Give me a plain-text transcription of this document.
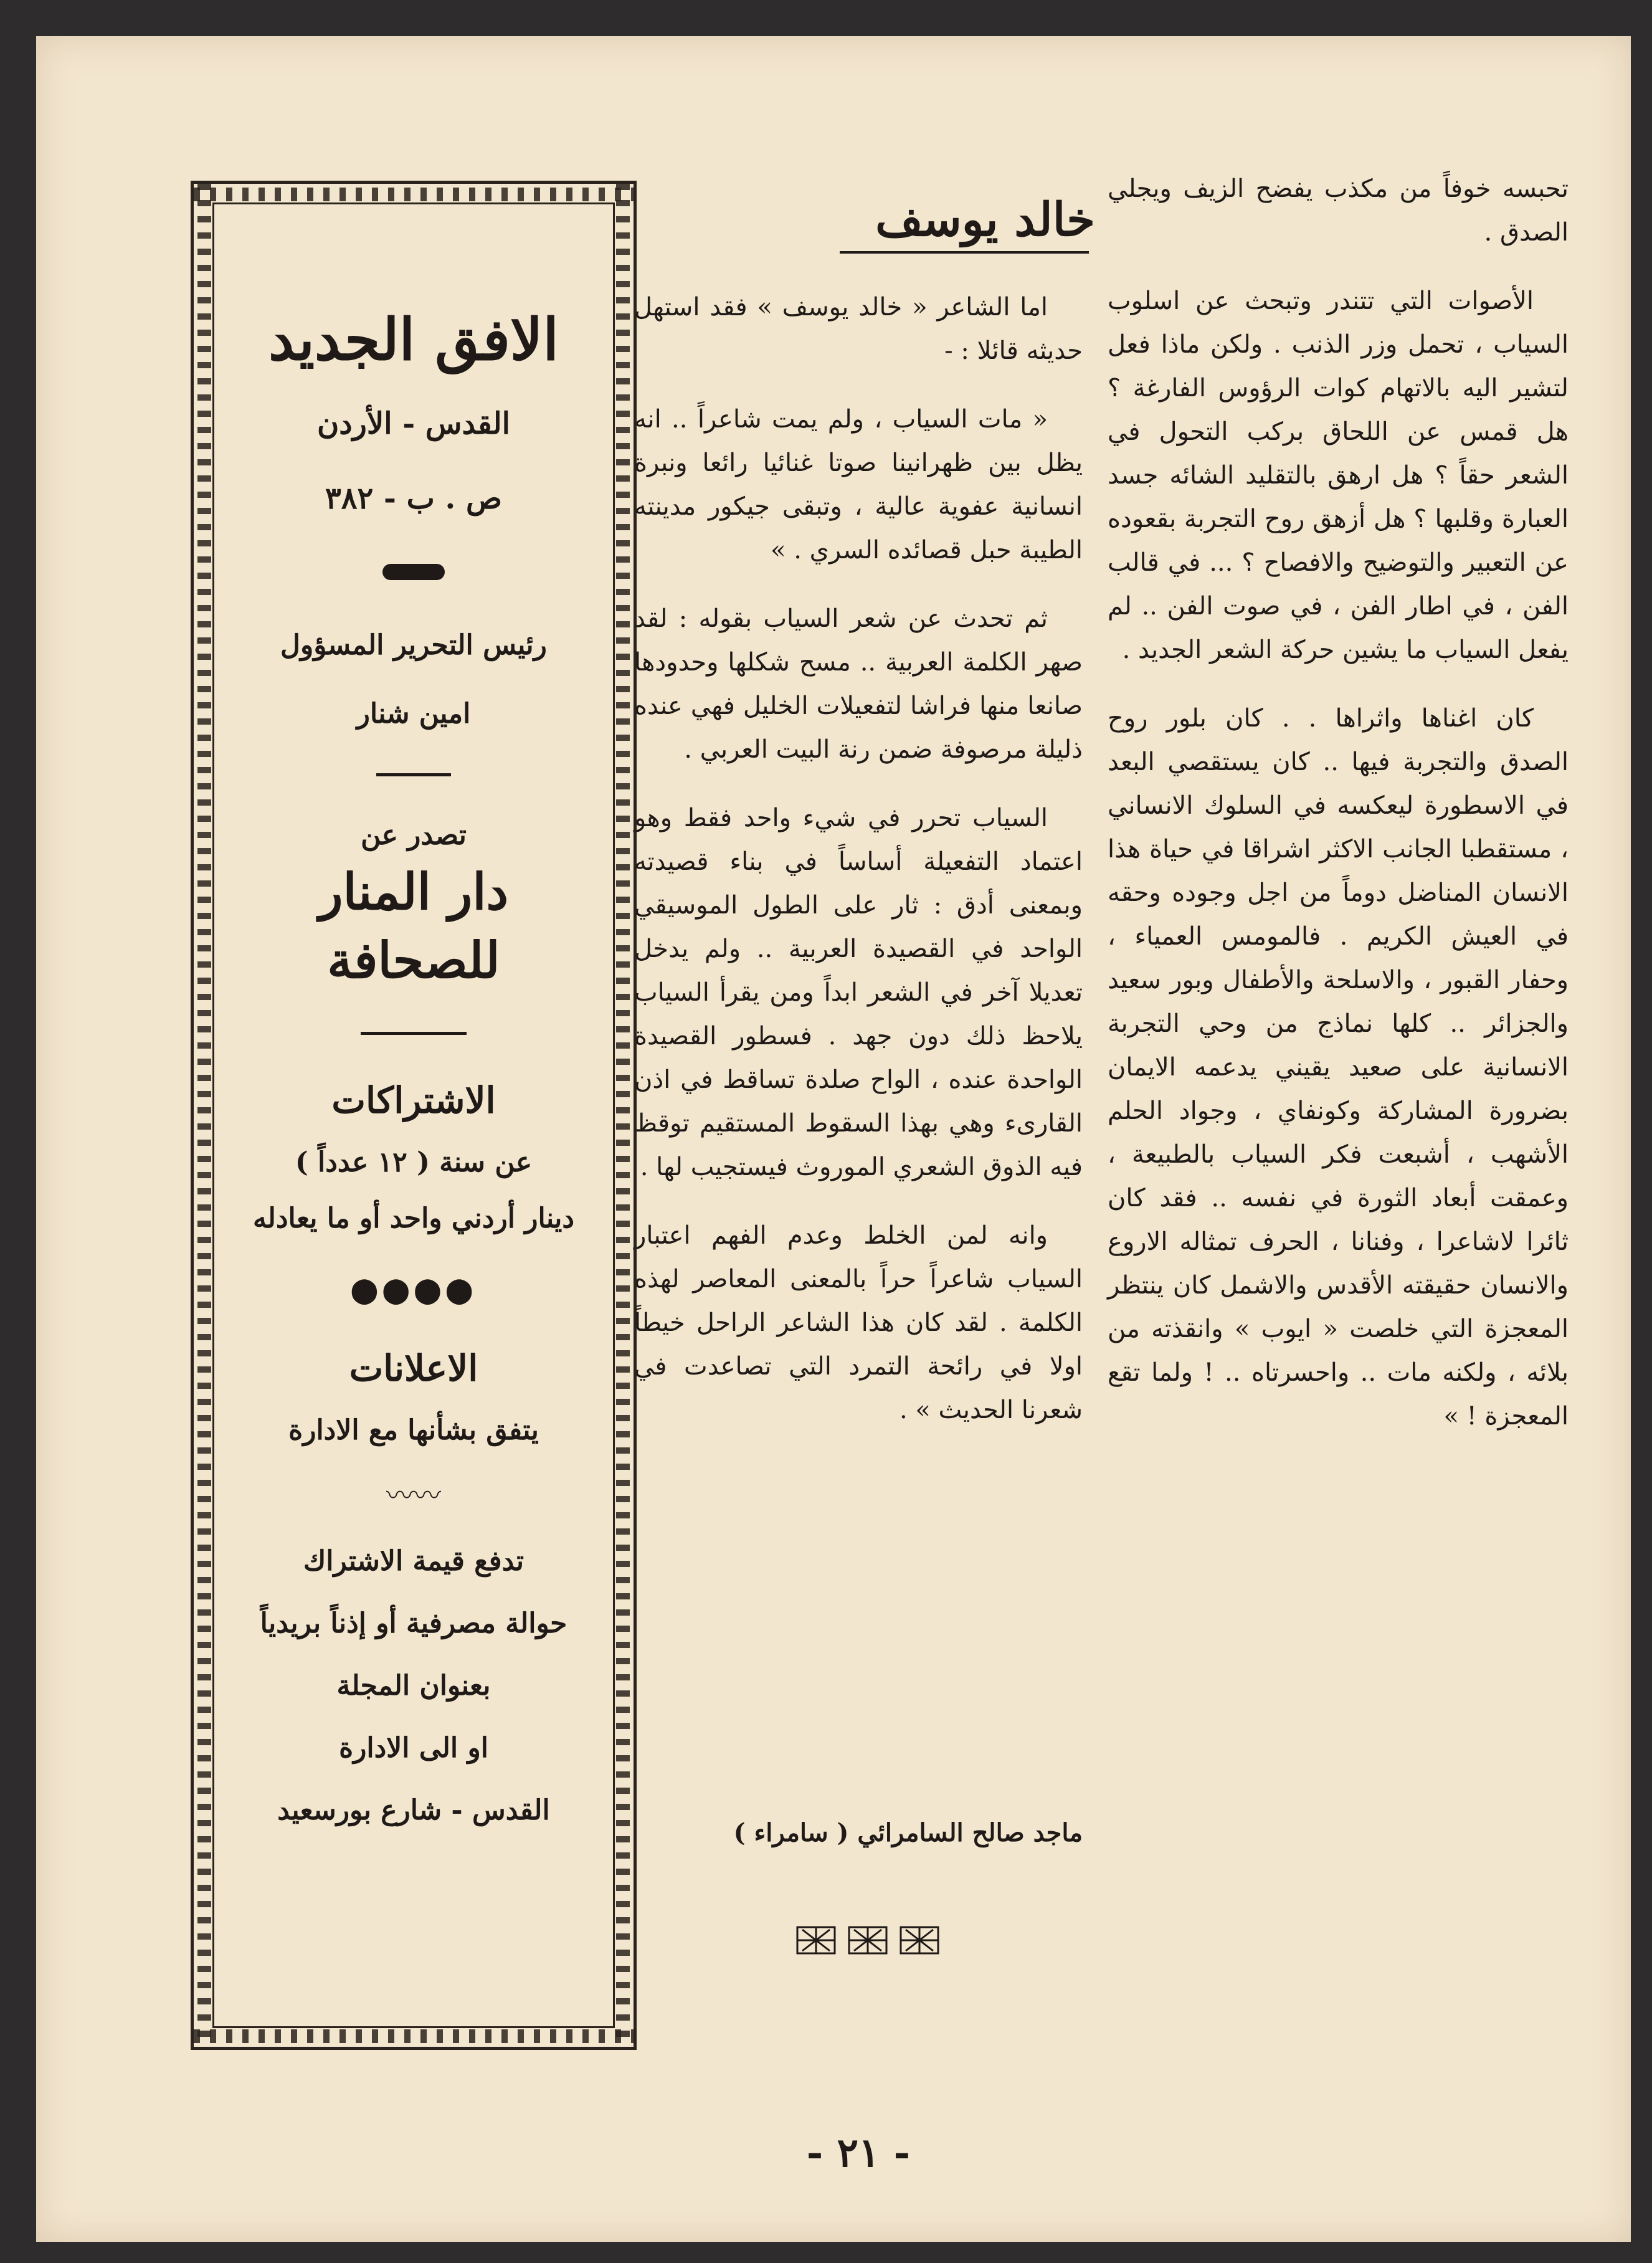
تحبسه خوفاً من مكذب يفضح الزيف ويجلي الصدق .

الأصوات التي تتندر وتبحث عن اسلوب السياب ، تحمل وزر الذنب . ولكن ماذا فعل لتشير اليه بالاتهام كوات الرؤوس الفارغة ؟ هل قمس عن اللحاق بركب التحول في الشعر حقاً ؟ هل ارهق بالتقليد الشائه جسد العبارة وقلبها ؟ هل أزهق روح التجربة بقعوده عن التعبير والتوضيح والافصاح ؟ ... في قالب الفن ، في اطار الفن ، في صوت الفن .. لم يفعل السياب ما يشين حركة الشعر الجديد .

كان اغناها واثراها . . كان بلور روح الصدق والتجربة فيها .. كان يستقصي البعد في الاسطورة ليعكسه في السلوك الانساني ، مستقطبا الجانب الاكثر اشراقا في حياة هذا الانسان المناضل دوماً من اجل وجوده وحقه في العيش الكريم . فالمومس العمياء ، وحفار القبور ، والاسلحة والأطفال وبور سعيد والجزائر .. كلها نماذج من وحي التجربة الانسانية على صعيد يقيني يدعمه الايمان بضرورة المشاركة وكونفاي ، وجواد الحلم الأشهب ، أشبعت فكر السياب بالطبيعة ، وعمقت أبعاد الثورة في نفسه .. فقد كان ثائرا لاشاعرا ، وفنانا ، الحرف تمثاله الاروع والانسان حقيقته الأقدس والاشمل كان ينتظر المعجزة التي خلصت « ايوب » وانقذته من بلائه ، ولكنه مات .. واحسرتاه .. ! ولما تقع المعجزة ! »

خالد يوسف

اما الشاعر « خالد يوسف » فقد استهل حديثه قائلا : -

« مات السياب ، ولم يمت شاعراً .. انه يظل بين ظهرانينا صوتا غنائيا رائعا ونبرة انسانية عفوية عالية ، وتبقى جيكور مدينته الطيبة حبل قصائده السري . »

ثم تحدث عن شعر السياب بقوله : لقد صهر الكلمة العربية .. مسح شكلها وحدودها صانعا منها فراشا لتفعيلات الخليل فهي عنده ذليلة مرصوفة ضمن رنة البيت العربي .

السياب تحرر في شيء واحد فقط وهو اعتماد التفعيلة أساساً في بناء قصيدته وبمعنى أدق : ثار على الطول الموسيقي الواحد في القصيدة العربية .. ولم يدخل تعديلا آخر في الشعر ابداً ومن يقرأ السياب يلاحظ ذلك دون جهد . فسطور القصيدة الواحدة عنده ، الواح صلدة تساقط في اذن القارىء وهي بهذا السقوط المستقيم توقظ فيه الذوق الشعري الموروث فيستجيب لها .

وانه لمن الخلط وعدم الفهم اعتبار السياب شاعراً حراً بالمعنى المعاصر لهذه الكلمة . لقد كان هذا الشاعر الراحل خيطاً اولا في رائحة التمرد التي تصاعدت في شعرنا الحديث » .

ماجد صالح السامرائي ( سامراء )
الافق الجديد
القدس - الأردن
ص . ب - ٣٨٢
رئيس التحرير المسؤول
امين شنار
تصدر عن
دار المنار للصحافة
الاشتراكات
عن سنة ( ١٢ عدداً )
دينار أردني واحد أو ما يعادله
⬤⬤⬤⬤
الاعلانات
يتفق بشأنها مع الادارة
〰〰
تدفع قيمة الاشتراك
حوالة مصرفية أو إذناً بريدياً
بعنوان المجلة
او الى الادارة
القدس - شارع بورسعيد
- ٢١ -
